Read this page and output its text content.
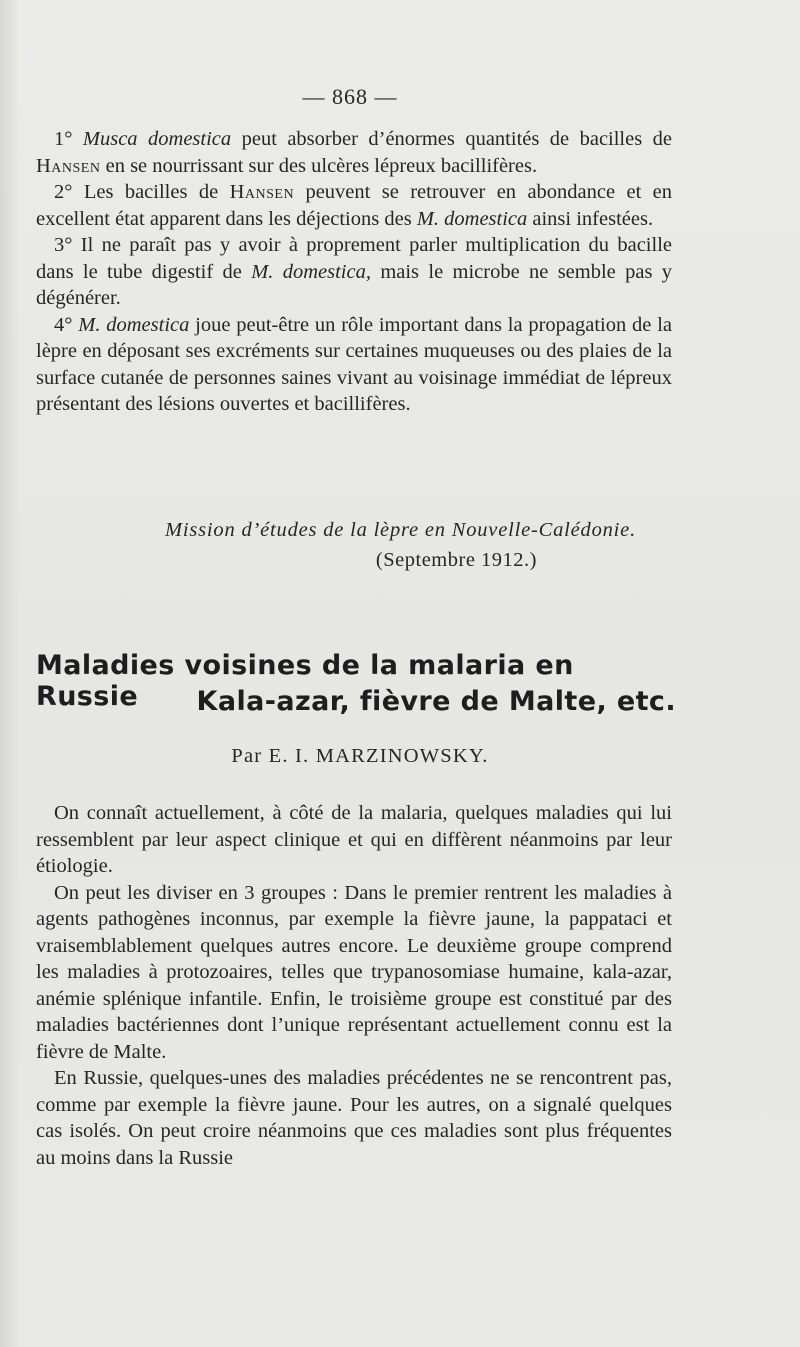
— 868 —

1° Musca domestica peut absorber d’énormes quantités de bacilles de Hansen en se nourrissant sur des ulcères lépreux bacillifères.

2° Les bacilles de Hansen peuvent se retrouver en abondance et en excellent état apparent dans les déjections des M. domestica ainsi infestées.

3° Il ne paraît pas y avoir à proprement parler multiplication du bacille dans le tube digestif de M. domestica, mais le microbe ne semble pas y dégénérer.

4° M. domestica joue peut-être un rôle important dans la propagation de la lèpre en déposant ses excréments sur certaines muqueuses ou des plaies de la surface cutanée de personnes saines vivant au voisinage immédiat de lépreux présentant des lésions ouvertes et bacillifères.

Mission d’études de la lèpre en Nouvelle-Calédonie.
(Septembre 1912.)
Maladies voisines de la malaria en Russie	Kala-azar, fièvre de Malte, etc.
Par E. I. MARZINOWSKY.

On connaît actuellement, à côté de la malaria, quelques maladies qui lui ressemblent par leur aspect clinique et qui en diffèrent néanmoins par leur étiologie.

On peut les diviser en 3 groupes : Dans le premier rentrent les maladies à agents pathogènes inconnus, par exemple la fièvre jaune, la pappataci et vraisemblablement quelques autres encore. Le deuxième groupe comprend les maladies à protozoaires, telles que trypanosomiase humaine, kala-azar, anémie splénique infantile. Enfin, le troisième groupe est constitué par des maladies bactériennes dont l’unique représentant actuellement connu est la fièvre de Malte.

En Russie, quelques-unes des maladies précédentes ne se rencontrent pas, comme par exemple la fièvre jaune. Pour les autres, on a signalé quelques cas isolés. On peut croire néanmoins que ces maladies sont plus fréquentes au moins dans la Russie
